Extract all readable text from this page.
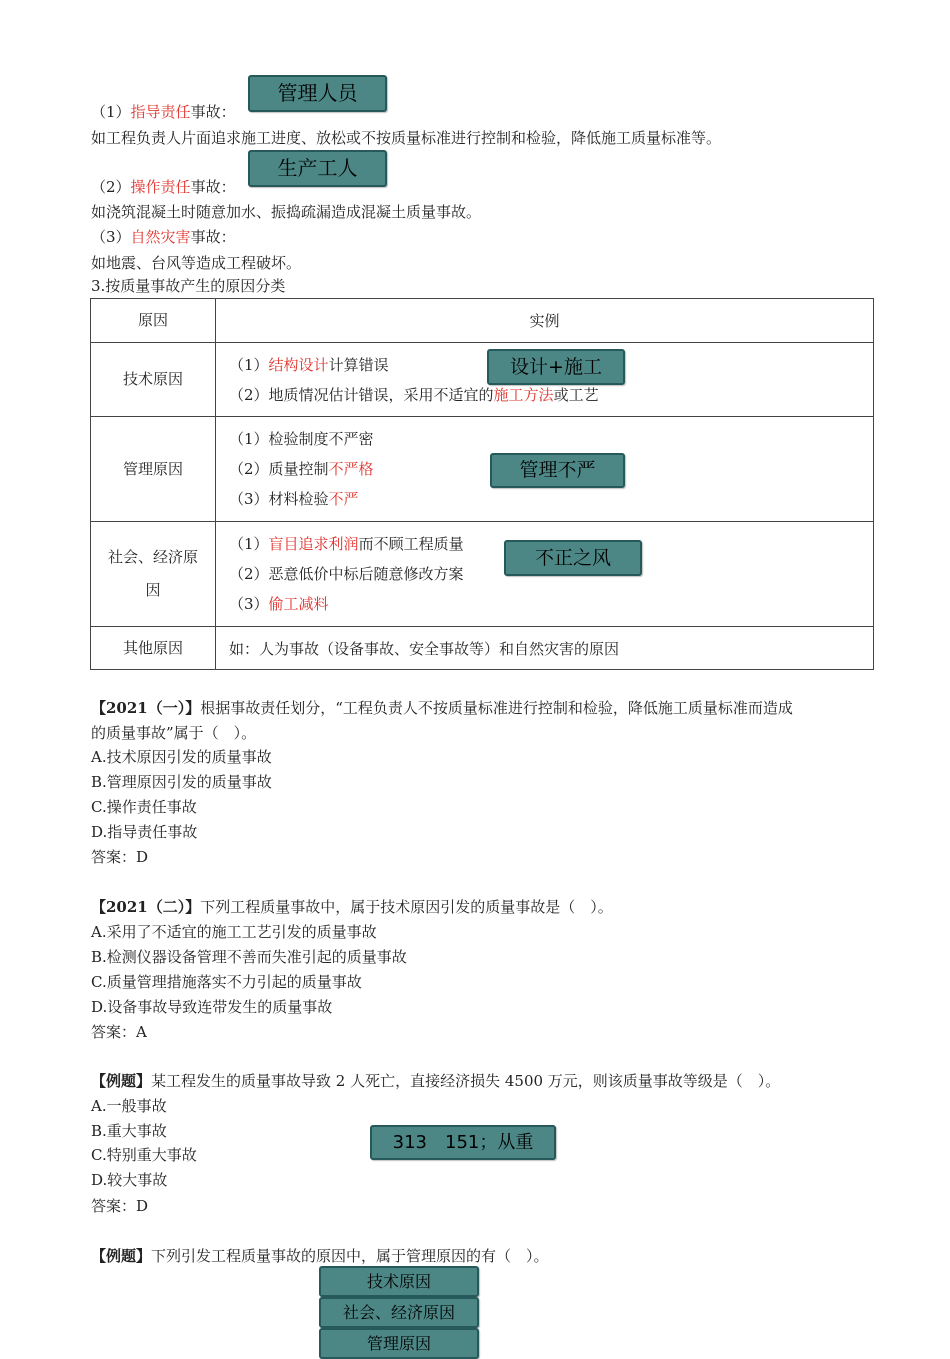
管理人员
（1）指导责任事故：
如工程负责人片面追求施工进度、放松或不按质量标准进行控制和检验，降低施工质量标准等。
生产工人
（2）操作责任事故：
如浇筑混凝土时随意加水、振捣疏漏造成混凝土质量事故。
（3）自然灾害事故：
如地震、台风等造成工程破坏。
3.按质量事故产生的原因分类
原因	实例
技术原因	（1）结构设计计算错误
（2）地质情况估计错误，采用不适宜的施工方法或工艺

管理原因	（1）检验制度不严密
（2）质量控制不严格
（3）材料检验不严

社会、经济原因	（1）盲目追求利润而不顾工程质量
（2）恶意低价中标后随意修改方案
（3）偷工减料

其他原因	如：人为事故（设备事故、安全事故等）和自然灾害的原因
设计+施工
管理不严
不正之风
【2021（一）】根据事故责任划分，“工程负责人不按质量标准进行控制和检验，降低施工质量标准而造成
的质量事故”属于（　）。
A.技术原因引发的质量事故
B.管理原因引发的质量事故
C.操作责任事故
D.指导责任事故
答案：D
【2021（二）】下列工程质量事故中，属于技术原因引发的质量事故是（　）。
A.采用了不适宜的施工工艺引发的质量事故
B.检测仪器设备管理不善而失准引起的质量事故
C.质量管理措施落实不力引起的质量事故
D.设备事故导致连带发生的质量事故
答案：A
【例题】某工程发生的质量事故导致 2 人死亡，直接经济损失 4500 万元，则该质量事故等级是（　）。
A.一般事故
B.重大事故
C.特别重大事故
D.较大事故
答案：D
313　151；从重
【例题】下列引发工程质量事故的原因中，属于管理原因的有（　）。
技术原因
社会、经济原因
管理原因
